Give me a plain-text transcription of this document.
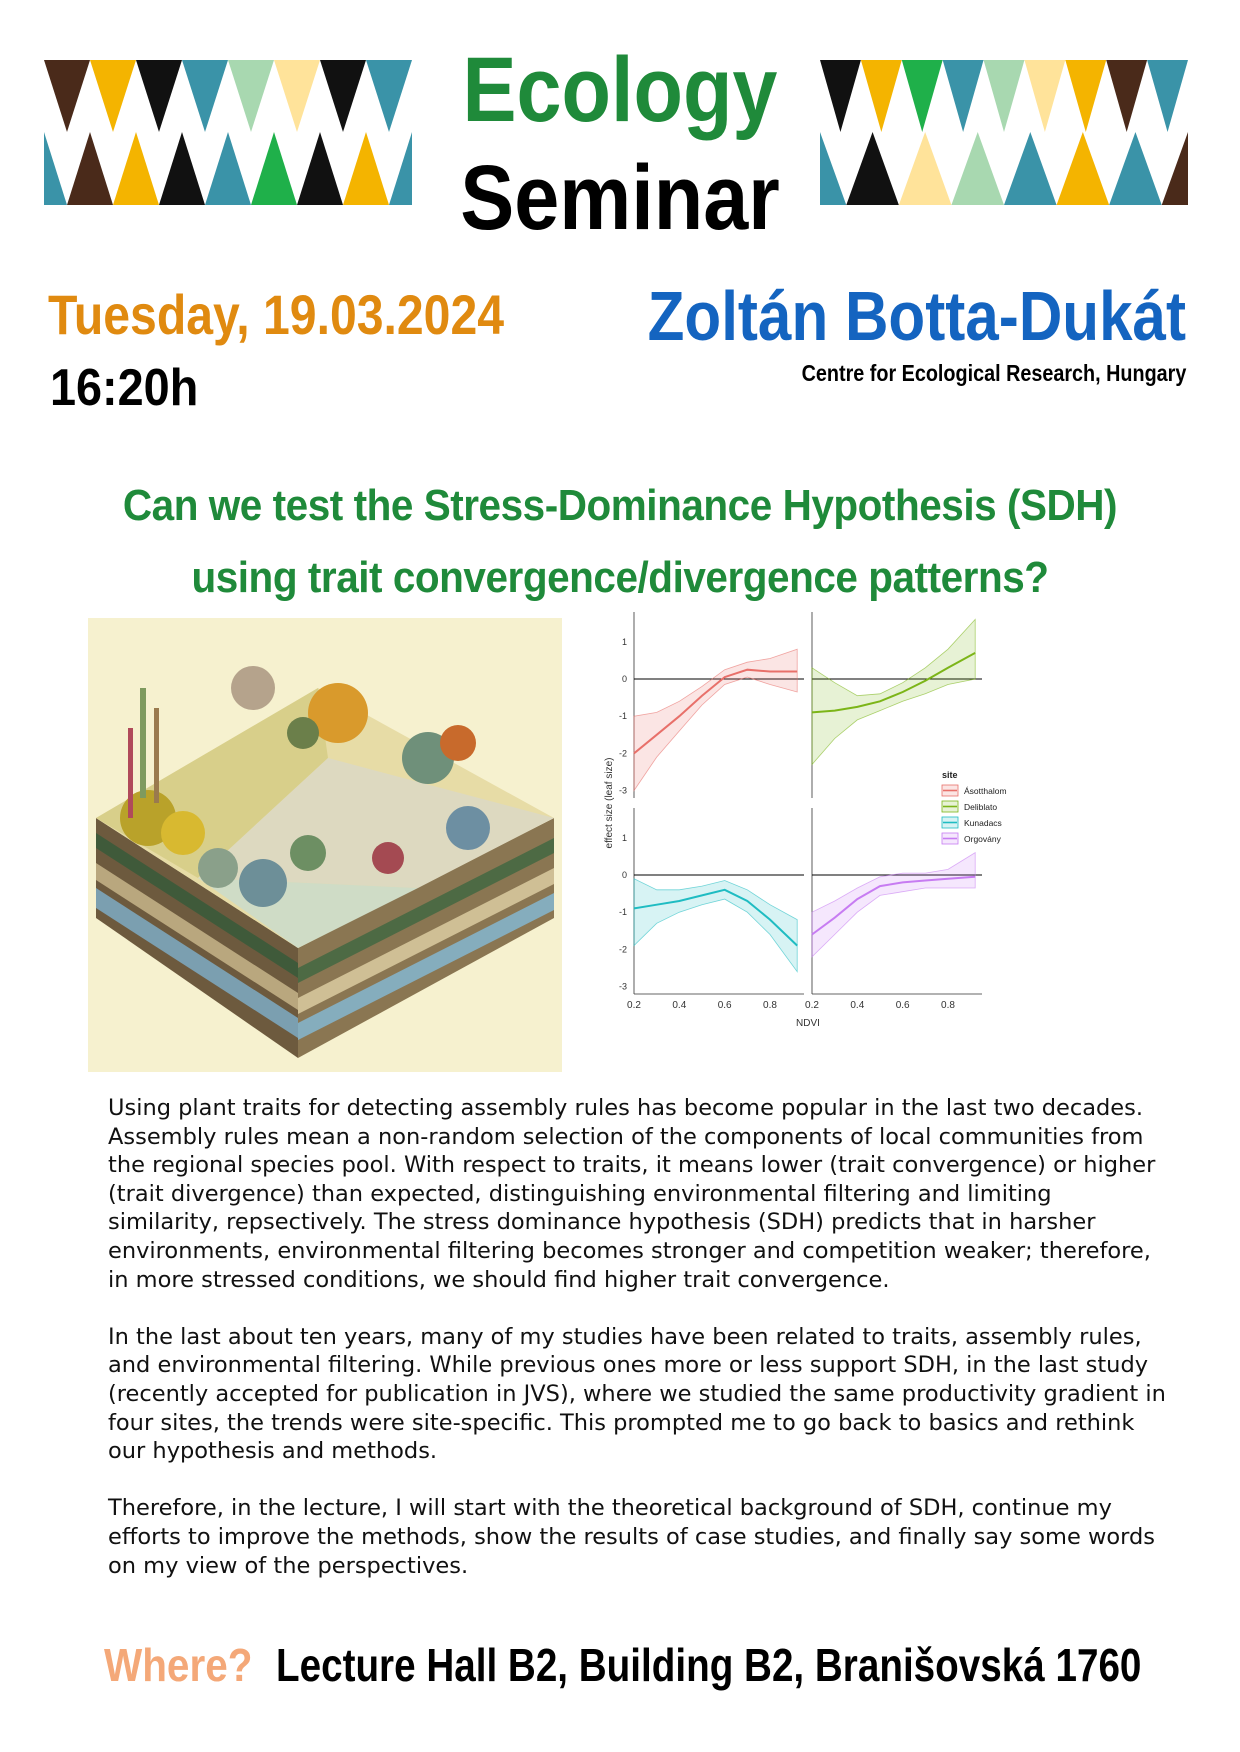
Ecology
Seminar
Tuesday, 19.03.2024
16:20h
Zoltán Botta-Dukát
Centre for Ecological Research, Hungary
Can we test the Stress-Dominance Hypothesis (SDH)
using trait convergence/divergence patterns?
effect size (leaf size)
1
0
-1
-2
-3
0.2	0.4	0.6	0.8
1
0
-1
-2
-3
0.2	0.4	0.6	0.8
NDVI
site
Ásotthalom
Deliblato
Kunadacs
Orgovány

Using plant traits for detecting assembly rules has become popular in the last two decades. Assembly rules mean a non-random selection of the components of local communities from the regional species pool. With respect to traits, it means lower (trait convergence) or higher (trait divergence) than expected, distinguishing environmental filtering and limiting similarity, repsectively. The stress dominance hypothesis (SDH) predicts that in harsher environments, environmental filtering becomes stronger and competition weaker; therefore, in more stressed conditions, we should find higher trait convergence.

In the last about ten years, many of my studies have been related to traits, assembly rules, and environmental filtering. While previous ones more or less support SDH, in the last study (recently accepted for publication in JVS), where we studied the same productivity gradient in four sites, the trends were site-specific. This prompted me to go back to basics and rethink our hypothesis and methods.

Therefore, in the lecture, I will start with the theoretical background of SDH, continue my efforts to improve the methods, show the results of case studies, and finally say some words on my view of the perspectives.

Where? Lecture Hall B2, Building B2, Branišovská 1760
